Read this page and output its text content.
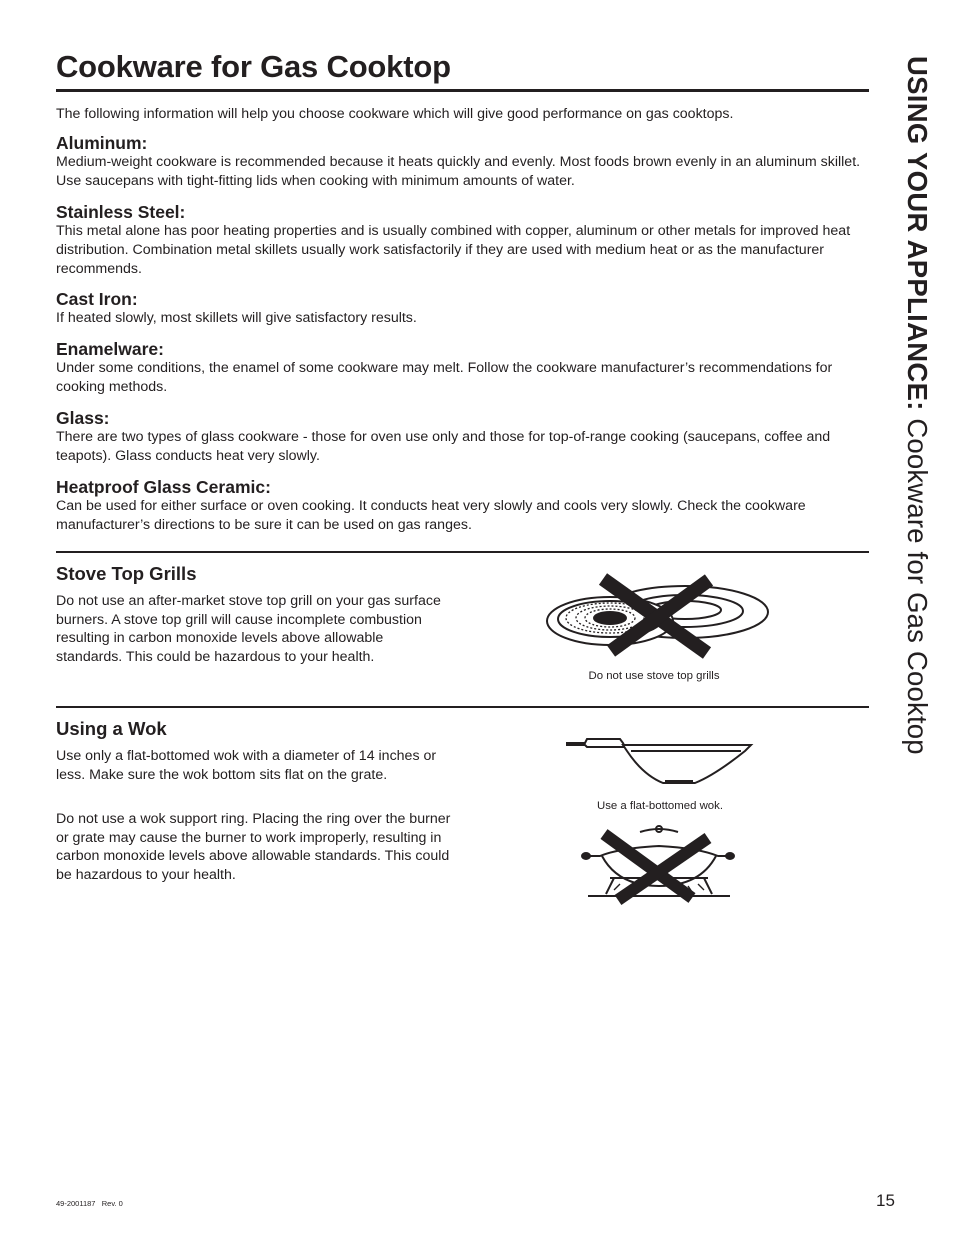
Cookware for Gas Cooktop

The following information will help you choose cookware which will give good performance on gas cooktops.

Aluminum:

Medium-weight cookware is recommended because it heats quickly and evenly. Most foods brown evenly in an aluminum skillet. Use saucepans with tight-fitting lids when cooking with minimum amounts of water.

Stainless Steel:

This metal alone has poor heating properties and is usually combined with copper, aluminum or other metals for improved heat distribution. Combination metal skillets usually work satisfactorily if they are used with medium heat or as the manufacturer recommends.

Cast Iron:

If heated slowly, most skillets will give satisfactory results.

Enamelware:

Under some conditions, the enamel of some cookware may melt. Follow the cookware manufacturer’s recommendations for cooking methods.

Glass:

There are two types of glass cookware - those for oven use only and those for top-of-range cooking (saucepans, coffee and teapots). Glass conducts heat very slowly.

Heatproof Glass Ceramic:

Can be used for either surface or oven cooking. It conducts heat very slowly and cools very slowly. Check the cookware manufacturer’s directions to be sure it can be used on gas ranges.

Stove Top Grills

Do not use an after-market stove top grill on your gas surface burners. A stove top grill will cause incomplete combustion resulting in carbon monoxide levels above allowable standards. This could be hazardous to your health.

Do not use stove top grills

Using a Wok

Use only a flat-bottomed wok with a diameter of 14 inches or less. Make sure the wok bottom sits flat on the grate.

Do not use a wok support ring. Placing the ring over the burner or grate may cause the burner to work improperly, resulting in carbon monoxide levels above allowable standards. This could be hazardous to your health.

Use a flat-bottomed wok.

USING YOUR APPLIANCE: Cookware for Gas Cooktop

49-2001187   Rev. 0	15
